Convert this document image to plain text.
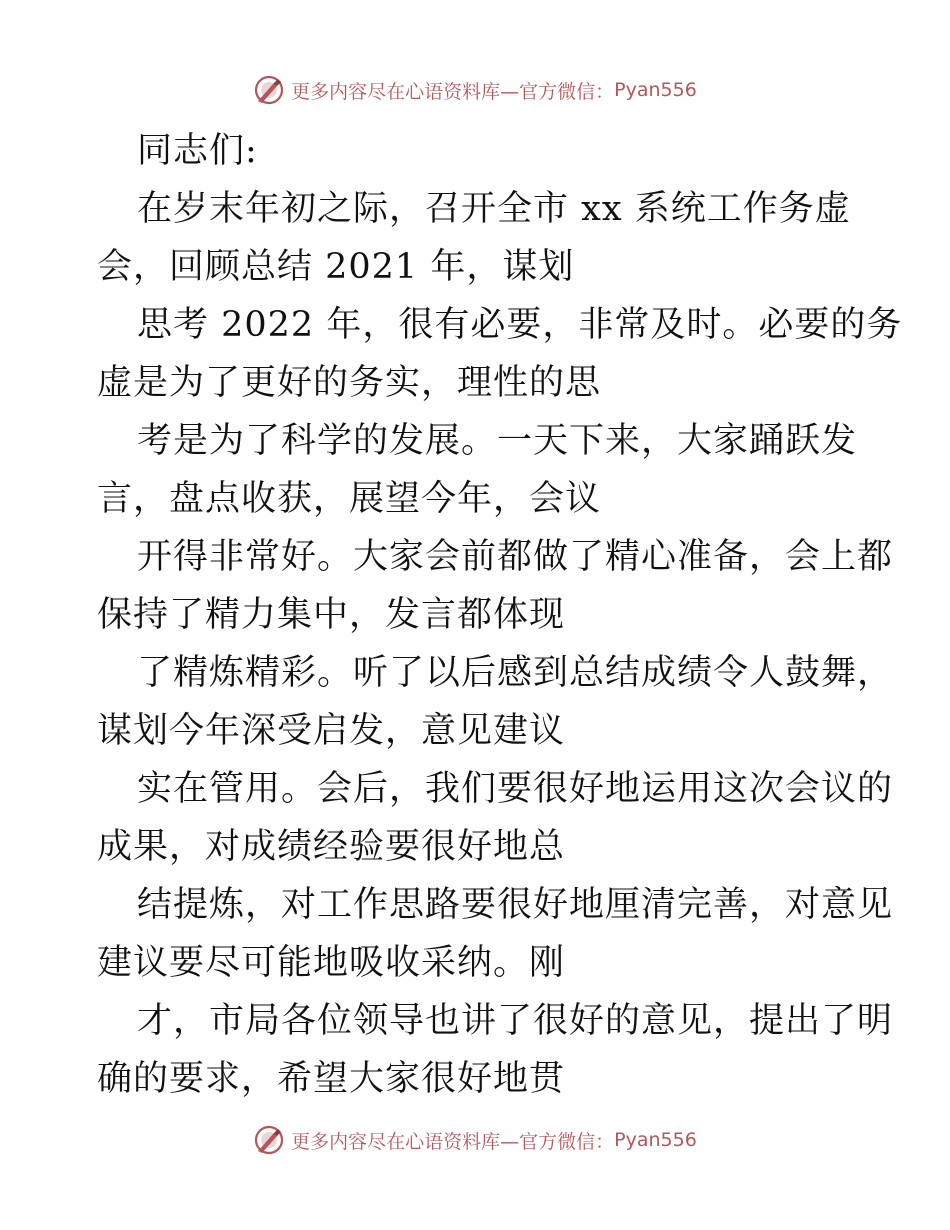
更多内容尽在心语资料库—官方微信： Pyan556
同志们:
在岁末年初之际，召开全市 xx 系统工作务虚
会，回顾总结 2021 年，谋划
思考 2022 年，很有必要，非常及时。必要的务
虚是为了更好的务实，理性的思
考是为了科学的发展。一天下来，大家踊跃发
言，盘点收获，展望今年，会议
开得非常好。大家会前都做了精心准备，会上都
保持了精力集中，发言都体现
了精炼精彩。听了以后感到总结成绩令人鼓舞，
谋划今年深受启发，意见建议
实在管用。会后，我们要很好地运用这次会议的
成果，对成绩经验要很好地总
结提炼，对工作思路要很好地厘清完善，对意见
建议要尽可能地吸收采纳。刚
才，市局各位领导也讲了很好的意见，提出了明
确的要求，希望大家很好地贯
更多内容尽在心语资料库—官方微信： Pyan556
